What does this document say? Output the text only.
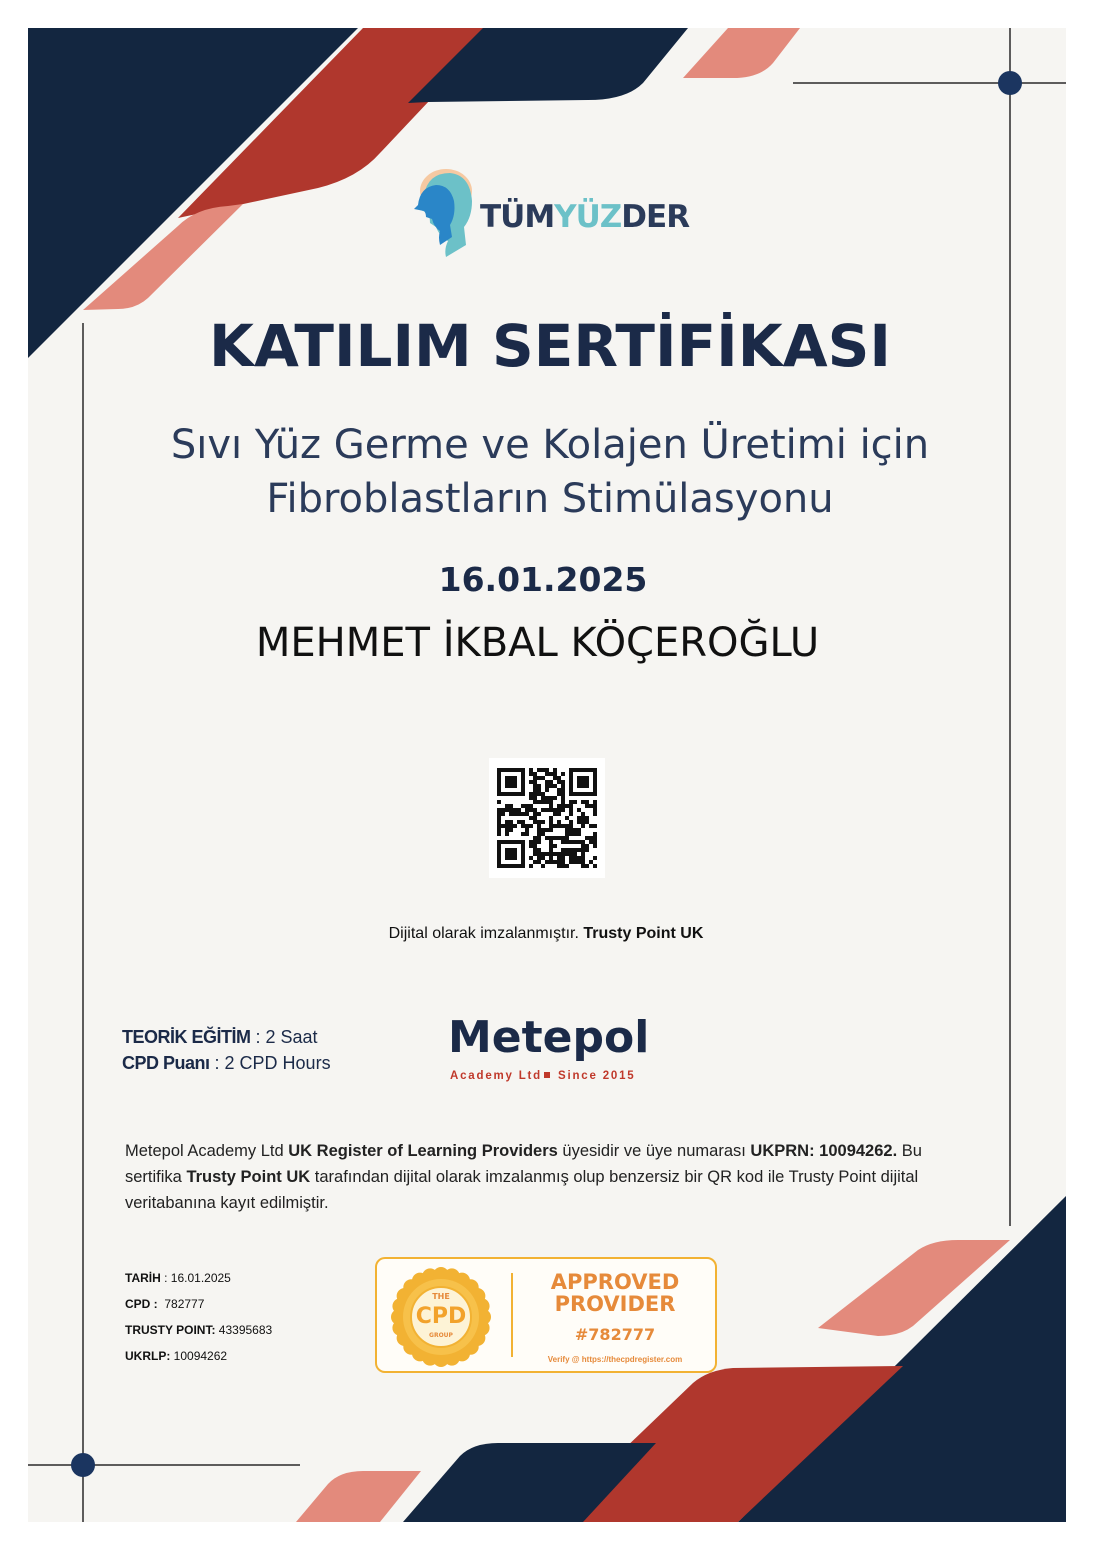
TÜMYÜZDER
KATILIM SERTİFİKASI
Sıvı Yüz Germe ve Kolajen Üretimi için Fibroblastların Stimülasyonu
16.01.2025
MEHMET İKBAL KÖÇEROĞLU
Dijital olarak imzalanmıştır. Trusty Point UK
TEORİK EĞİTİM : 2 Saat
CPD Puanı : 2 CPD Hours	Metepol
Academy Ltd Since 2015
Metepol Academy Ltd UK Register of Learning Providers üyesidir ve üye numarası UKPRN: 10094262. Bu sertifika Trusty Point UK tarafından dijital olarak imzalanmış olup benzersiz bir QR kod ile Trusty Point dijital veritabanına kayıt edilmiştir.
TARİH : 16.01.2025
CPD : 782777
TRUSTY POINT: 43395683
UKRLP: 10094262
THE
CPD
GROUP
APPROVED PROVIDER
#782777
Verify @ https://thecpdregister.com
